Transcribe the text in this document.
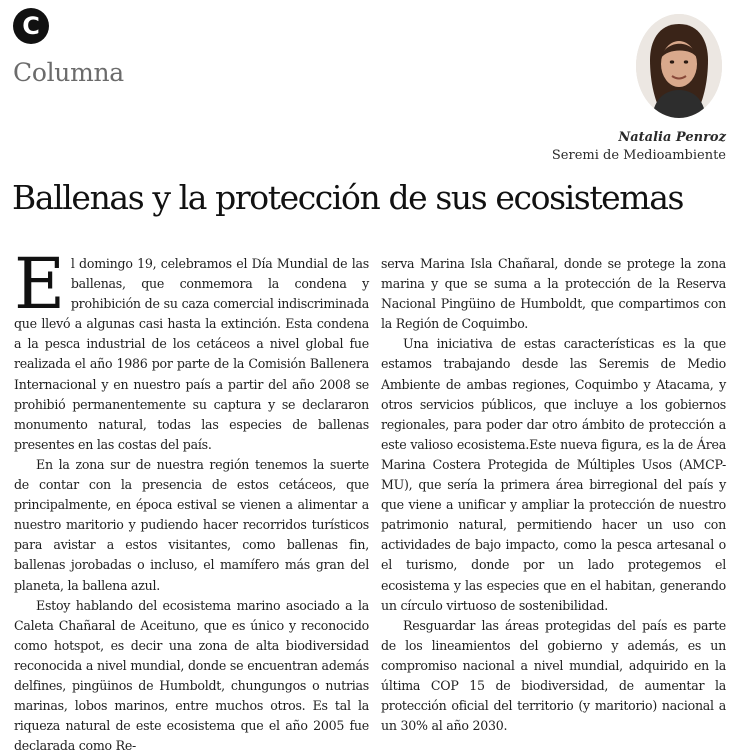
C
Columna
Natalia Penroz
Seremi de Medioambiente
Ballenas y la protección de sus ecosistemas

El domingo 19, celebramos el Día Mundial de las ballenas, que conmemora la condena y prohibición de su caza comercial indiscriminada que llevó a algunas casi hasta la extinción. Esta condena a la pesca industrial de los cetáceos a nivel global fue realizada el año 1986 por parte de la Comisión Ballenera Internacional y en nuestro país a partir del año 2008 se prohibió permanentemente su captura y se declararon monumento natural, todas las especies de ballenas presentes en las costas del país.

En la zona sur de nuestra región tenemos la suerte de contar con la presencia de estos cetáceos, que principalmente, en época estival se vienen a alimentar a nuestro maritorio y pudiendo hacer recorridos turísticos para avistar a estos visitantes, como ballenas fin, ballenas jorobadas o incluso, el mamífero más gran del planeta, la ballena azul.

Estoy hablando del ecosistema marino asociado a la Caleta Chañaral de Aceituno, que es único y reconocido como hotspot, es decir una zona de alta biodiversidad reconocida a nivel mundial, donde se encuentran además delfines, pingüinos de Humboldt, chungungos o nutrias marinas, lobos marinos, entre muchos otros. Es tal la riqueza natural de este ecosistema que el año 2005 fue declarada como Re-

serva Marina Isla Chañaral, donde se protege la zona marina y que se suma a la protección de la Reserva Nacional Pingüino de Humboldt, que compartimos con la Región de Coquimbo.

Una iniciativa de estas características es la que estamos trabajando desde las Seremis de Medio Ambiente de ambas regiones, Coquimbo y Atacama, y otros servicios públicos, que incluye a los gobiernos regionales, para poder dar otro ámbito de protección a este valioso ecosistema.Este nueva figura, es la de Área Marina Costera Protegida de Múltiples Usos (AMCP-MU), que sería la primera área birregional del país y que viene a unificar y ampliar la protección de nuestro patrimonio natural, permitiendo hacer un uso con actividades de bajo impacto, como la pesca artesanal o el turismo, donde por un lado protegemos el ecosistema y las especies que en el habitan, generando un círculo virtuoso de sostenibilidad.

Resguardar las áreas protegidas del país es parte de los lineamientos del gobierno y además, es un compromiso nacional a nivel mundial, adquirido en la última COP 15 de biodiversidad, de aumentar la protección oficial del territorio (y maritorio) nacional a un 30% al año 2030.
